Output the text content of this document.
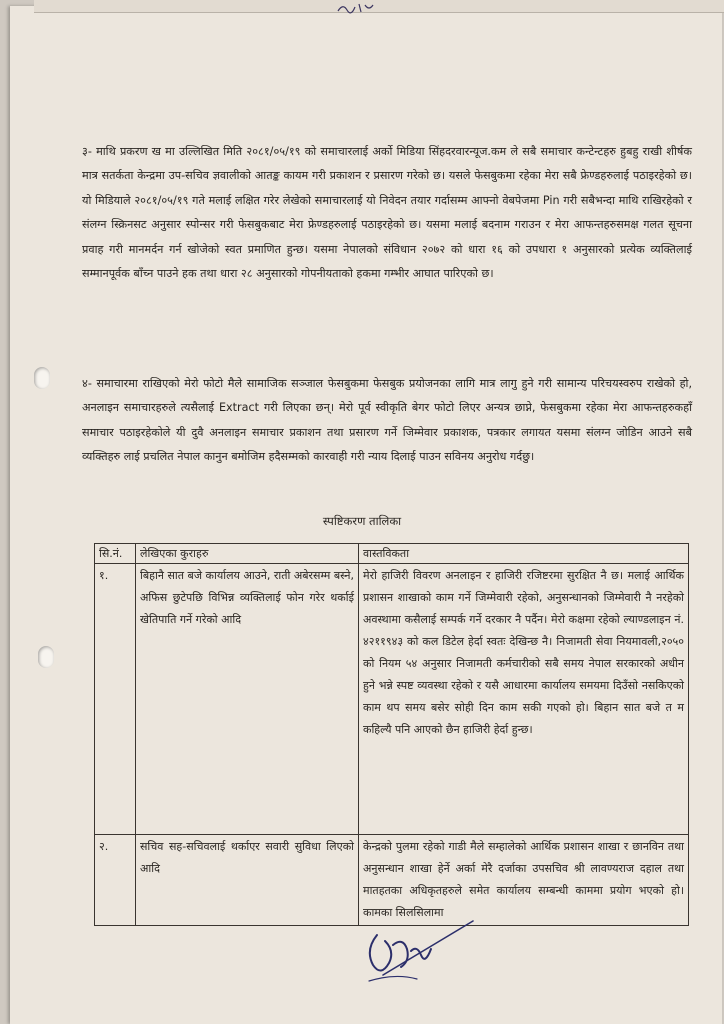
३- माथि प्रकरण ख मा उल्लिखित मिति २०८१/०५/१९ को समाचारलाई अर्को मिडिया सिंहदरवारन्यूज.कम ले सबै समाचार कन्टेन्टहरु हुबहु राखी शीर्षक मात्र सतर्कता केन्द्रमा उप-सचिव ज्ञवालीको आतङ्क कायम गरी प्रकाशन र प्रसारण गरेको छ। यसले फेसबुकमा रहेका मेरा सबै फ्रेण्डहरुलाई पठाइरहेको छ। यो मिडियाले २०८१/०५/१९ गते मलाई लक्षित गरेर लेखेको समाचारलाई यो निवेदन तयार गर्दासम्म आफ्नो वेबपेजमा Pin गरी सबैभन्दा माथि राखिरहेको र संलग्न स्क्रिनसट अनुसार स्पोन्सर गरी फेसबुकबाट मेरा फ्रेण्डहरुलाई पठाइरहेको छ। यसमा मलाई बदनाम गराउन र मेरा आफन्तहरुसमक्ष गलत सूचना प्रवाह गरी मानमर्दन गर्न खोजेको स्वत प्रमाणित हुन्छ। यसमा नेपालको संविधान २०७२ को धारा १६ को उपधारा १ अनुसारको प्रत्येक व्यक्तिलाई सम्मानपूर्वक बाँच्न पाउने हक तथा धारा २८ अनुसारको गोपनीयताको हकमा गम्भीर आघात पारिएको छ।

४- समाचारमा राखिएको मेरो फोटो मैले सामाजिक सञ्जाल फेसबुकमा फेसबुक प्रयोजनका लागि मात्र लागु हुने गरी सामान्य परिचयस्वरुप राखेको हो, अनलाइन समाचारहरुले त्यसैलाई Extract गरी लिएका छन्। मेरो पूर्व स्वीकृति बेगर फोटो लिएर अन्यत्र छाप्ने, फेसबुकमा रहेका मेरा आफन्तहरुकहाँ समाचार पठाइरहेकोले यी दुवै अनलाइन समाचार प्रकाशन तथा प्रसारण गर्ने जिम्मेवार प्रकाशक, पत्रकार लगायत यसमा संलग्न जोडिन आउने सबै व्यक्तिहरु लाई प्रचलित नेपाल कानुन बमोजिम हदैसम्मको कारवाही गरी न्याय दिलाई पाउन सविनय अनुरोध गर्दछु।

स्पष्टिकरण तालिका
सि.नं.	लेखिएका कुराहरु	वास्तविकता
१.	बिहानै सात बजे कार्यालय आउने, राती अबेरसम्म बस्ने, अफिस छुटेपछि विभिन्न व्यक्तिलाई फोन गरेर थर्काई खेतिपाति गर्ने गरेको आदि	मेरो हाजिरी विवरण अनलाइन र हाजिरी रजिष्टरमा सुरक्षित नै छ। मलाई आर्थिक प्रशासन शाखाको काम गर्ने जिम्मेवारी रहेको, अनुसन्धानको जिम्मेवारी नै नरहेको अवस्थामा कसैलाई सम्पर्क गर्ने दरकार नै पर्दैन। मेरो कक्षमा रहेको ल्याण्डलाइन नं. ४२११९४३ को कल डिटेल हेर्दा स्वतः देखिन्छ नै। निजामती सेवा नियमावली,२०५० को नियम ५४ अनुसार निजामती कर्मचारीको सबै समय नेपाल सरकारको अधीन हुने भन्ने स्पष्ट व्यवस्था रहेको र यसै आधारमा कार्यालय समयमा दिउँसो नसकिएको काम थप समय बसेर सोही दिन काम सकी गएको हो। बिहान सात बजे त म कहिल्यै पनि आएको छैन हाजिरी हेर्दा हुन्छ।
२.	सचिव सह-सचिवलाई थर्काएर सवारी सुविधा लिएको आदि	केन्द्रको पुलमा रहेको गाडी मैले सम्हालेको आर्थिक प्रशासन शाखा र छानविन तथा अनुसन्धान शाखा हेर्ने अर्का मेरै दर्जाका उपसचिव श्री लावण्यराज दहाल तथा मातहतका अधिकृतहरुले समेत कार्यालय सम्बन्धी काममा प्रयोग भएको हो। कामका सिलसिलामा
